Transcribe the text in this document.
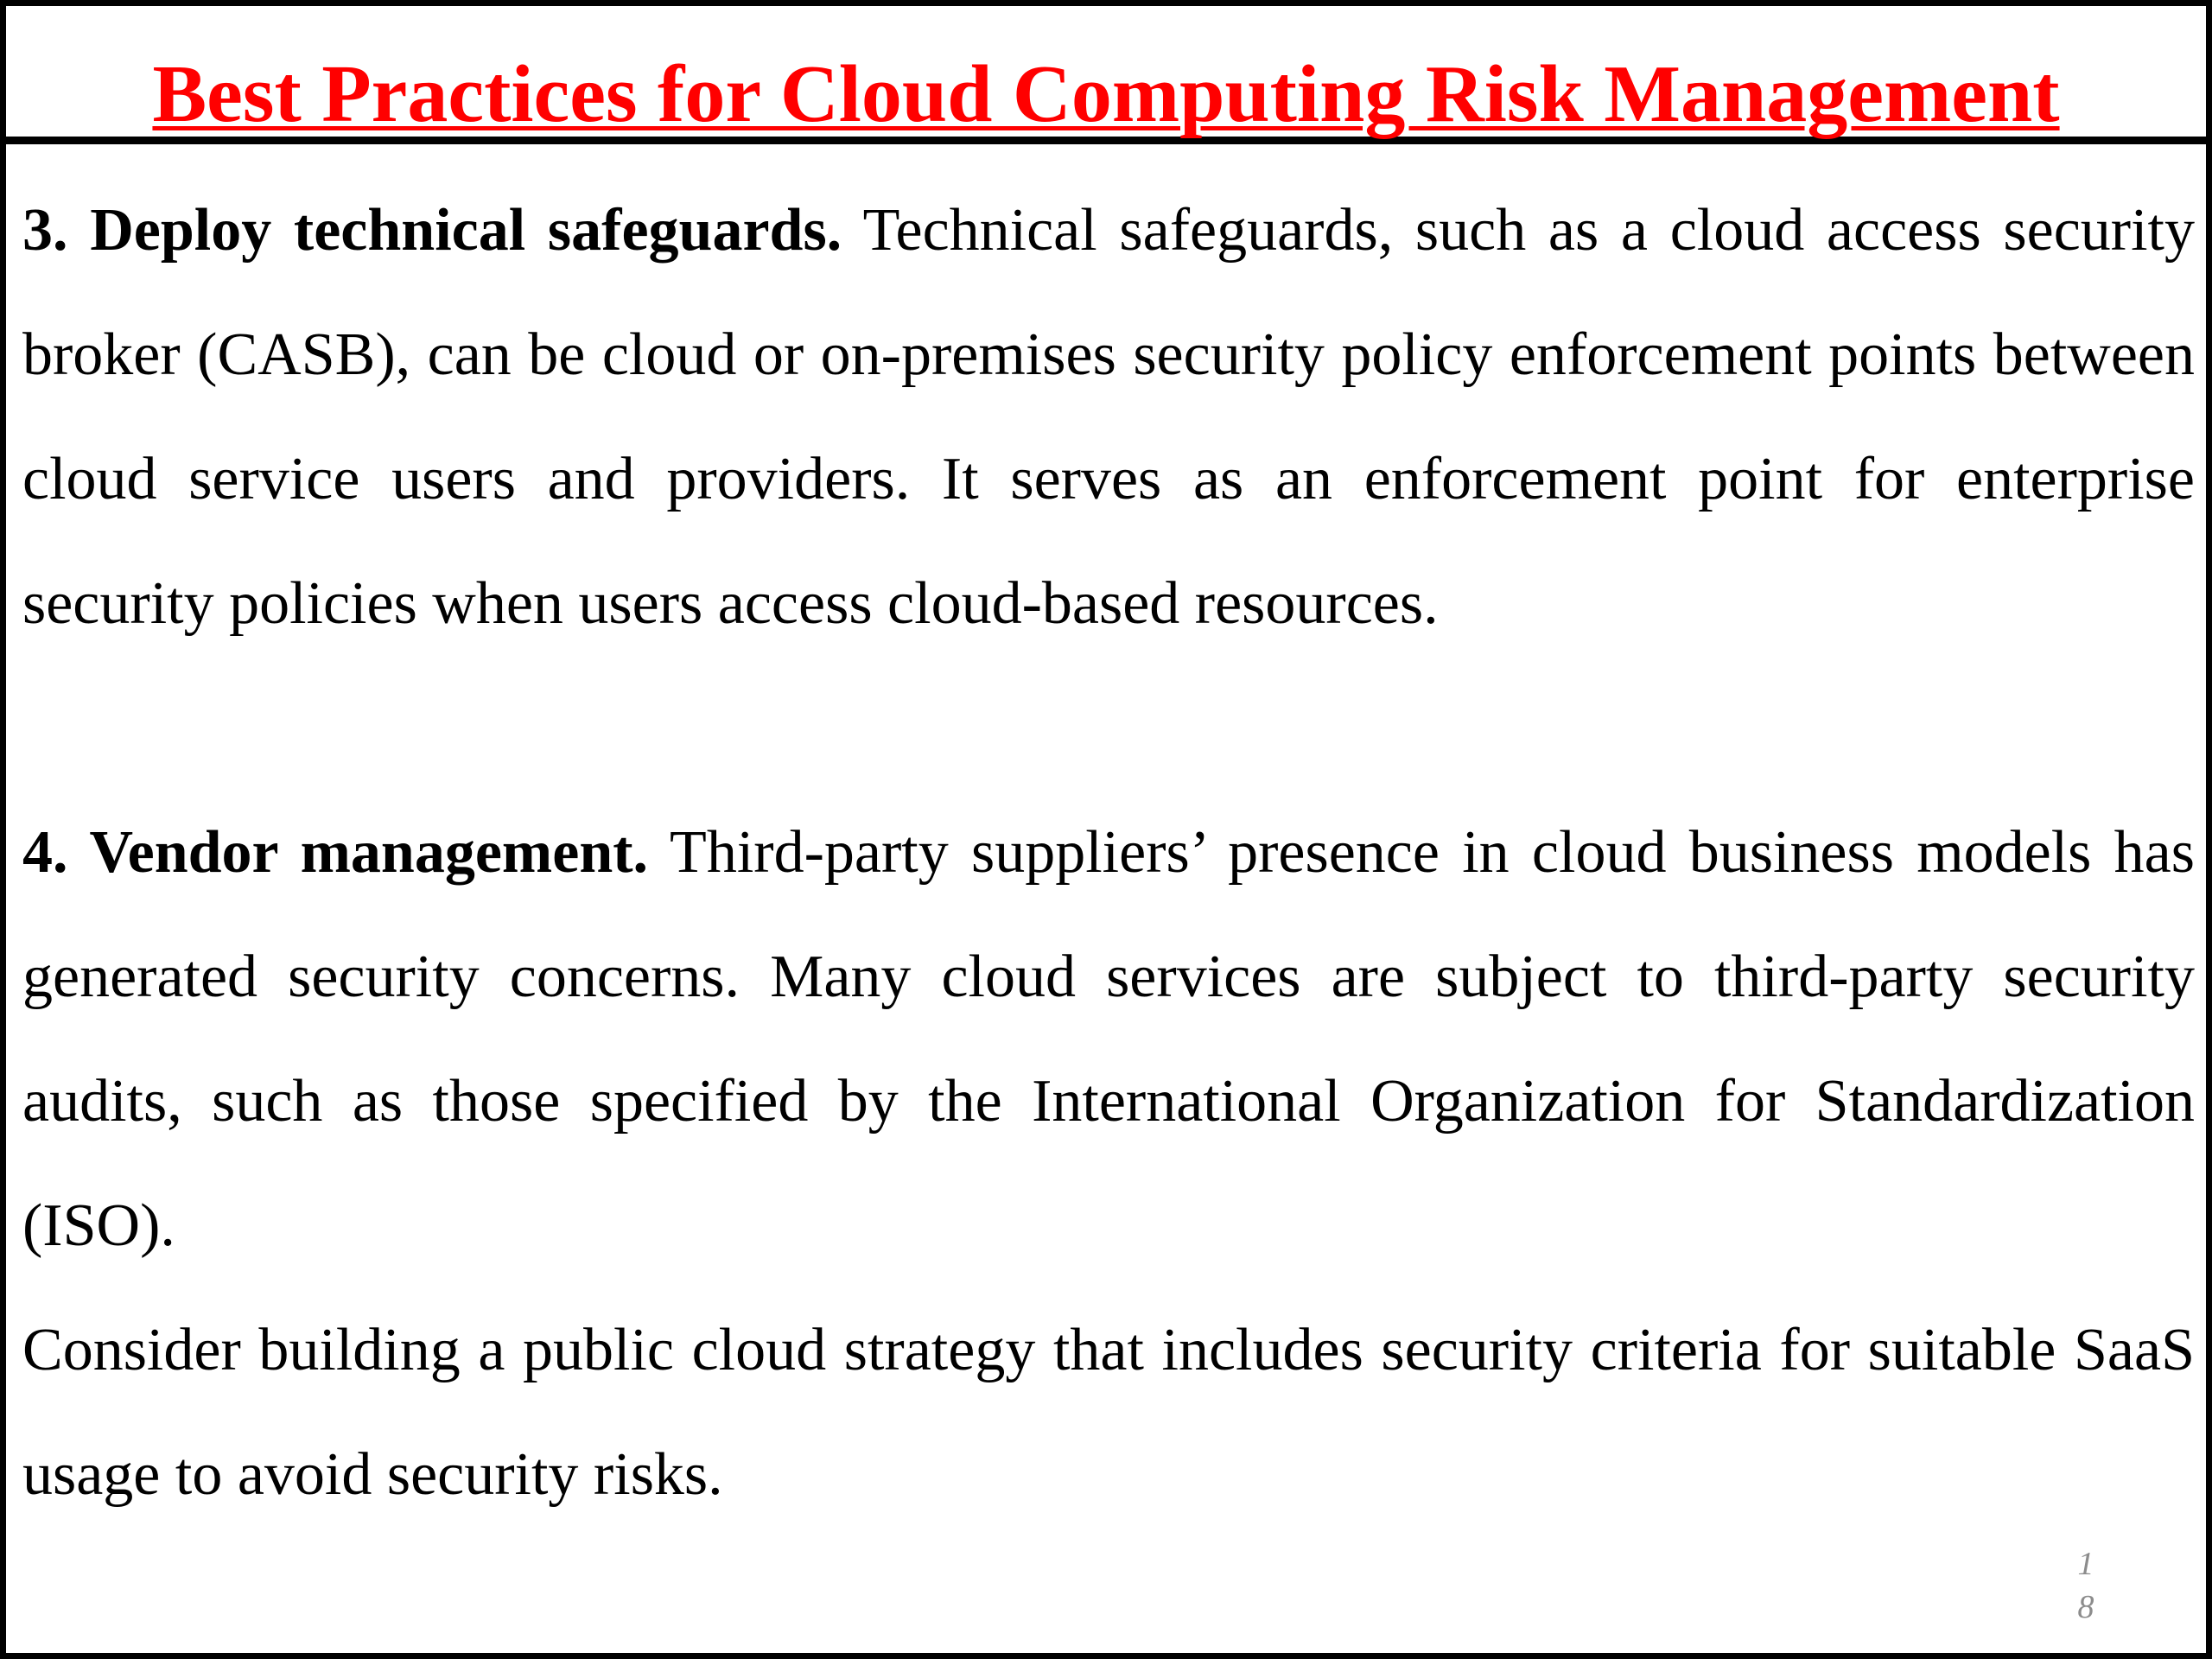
Best Practices for Cloud Computing Risk Management

3. Deploy technical safeguards. Technical safeguards, such as a cloud access security broker (CASB), can be cloud or on-premises security policy enforcement points between cloud service users and providers. It serves as an enforcement point for enterprise security policies when users access cloud-based resources.

4. Vendor management. Third-party suppliers’ presence in cloud business models has generated security concerns. Many cloud services are subject to third-party security audits, such as those specified by the International Organization for Standardization (ISO).

Consider building a public cloud strategy that includes security criteria for suitable SaaS usage to avoid security risks.

18
